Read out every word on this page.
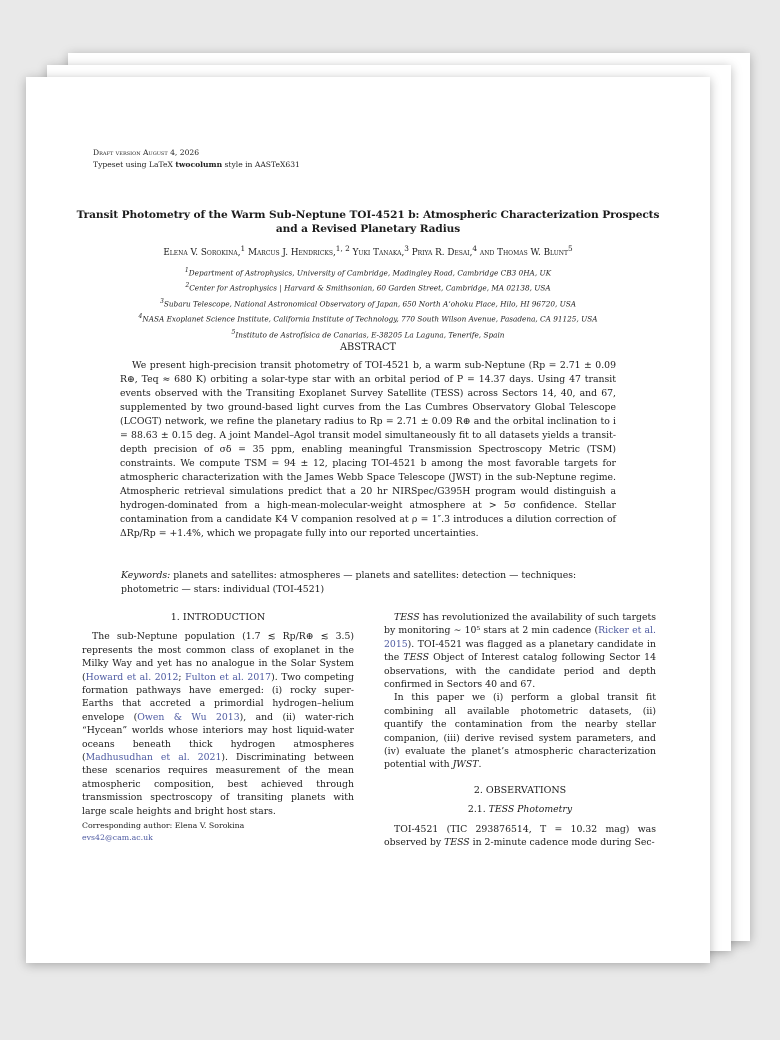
Draft version August 4, 2026
Typeset using LaTeX twocolumn style in AASTeX631
Transit Photometry of the Warm Sub-Neptune TOI-4521 b: Atmospheric Characterization Prospects and a Revised Planetary Radius
Elena V. Sorokina,$^1$ Marcus J. Hendricks,$^{1, 2}$ Yuki Tanaka,$^3$ Priya R. Desai,$^4$ and Thomas W. Blunt$^5$
$^1$Department of Astrophysics, University of Cambridge, Madingley Road, Cambridge CB3 0HA, UK
$^2$Center for Astrophysics | Harvard & Smithsonian, 60 Garden Street, Cambridge, MA 02138, USA
$^3$Subaru Telescope, National Astronomical Observatory of Japan, 650 North A‘ohoku Place, Hilo, HI 96720, USA
$^4$NASA Exoplanet Science Institute, California Institute of Technology, 770 South Wilson Avenue, Pasadena, CA 91125, USA
$^5$Instituto de Astrofísica de Canarias, E-38205 La Laguna, Tenerife, Spain
ABSTRACT
We present high-precision transit photometry of TOI-4521 b, a warm sub-Neptune (Rp = 2.71 ± 0.09 R⊕, Teq ≈ 680 K) orbiting a solar-type star with an orbital period of P = 14.37 days. Using 47 transit events observed with the Transiting Exoplanet Survey Satellite (TESS) across Sectors 14, 40, and 67, supplemented by two ground-based light curves from the Las Cumbres Observatory Global Telescope (LCOGT) network, we refine the planetary radius to Rp = 2.71 ± 0.09 R⊕ and the orbital inclination to i = 88.63 ± 0.15 deg. A joint Mandel–Agol transit model simultaneously fit to all datasets yields a transit-depth precision of σδ = 35 ppm, enabling meaningful Transmission Spectroscopy Metric (TSM) constraints. We compute TSM = 94 ± 12, placing TOI-4521 b among the most favorable targets for atmospheric characterization with the James Webb Space Telescope (JWST) in the sub-Neptune regime. Atmospheric retrieval simulations predict that a 20 hr NIRSpec/G395H program would distinguish a hydrogen-dominated from a high-mean-molecular-weight atmosphere at > 5σ confidence. Stellar contamination from a candidate K4 V companion resolved at ρ = 1″.3 introduces a dilution correction of ΔRp/Rp = +1.4%, which we propagate fully into our reported uncertainties.
Keywords: planets and satellites: atmospheres — planets and satellites: detection — techniques: photometric — stars: individual (TOI-4521)
1. INTRODUCTION

The sub-Neptune population (1.7 ≲ Rp/R⊕ ≲ 3.5) represents the most common class of exoplanet in the Milky Way and yet has no analogue in the Solar System (Howard et al. 2012; Fulton et al. 2017). Two competing formation pathways have emerged: (i) rocky super-Earths that accreted a primordial hydrogen–helium envelope (Owen & Wu 2013), and (ii) water-rich “Hycean” worlds whose interiors may host liquid-water oceans beneath thick hydrogen atmospheres (Madhusudhan et al. 2021). Discriminating between these scenarios requires measurement of the mean atmospheric composition, best achieved through transmission spectroscopy of transiting planets with large scale heights and bright host stars.

Corresponding author: Elena V. Sorokina
evs42@cam.ac.uk

TESS has revolutionized the availability of such targets by monitoring ∼ 10⁵ stars at 2 min cadence (Ricker et al. 2015). TOI-4521 was flagged as a planetary candidate in the TESS Object of Interest catalog following Sector 14 observations, with the candidate period and depth confirmed in Sectors 40 and 67.

In this paper we (i) perform a global transit fit combining all available photometric datasets, (ii) quantify the contamination from the nearby stellar companion, (iii) derive revised system parameters, and (iv) evaluate the planet’s atmospheric characterization potential with JWST.

2. OBSERVATIONS
2.1. TESS Photometry

TOI-4521 (TIC 293876514, T = 10.32 mag) was observed by TESS in 2-minute cadence mode during Sec-
